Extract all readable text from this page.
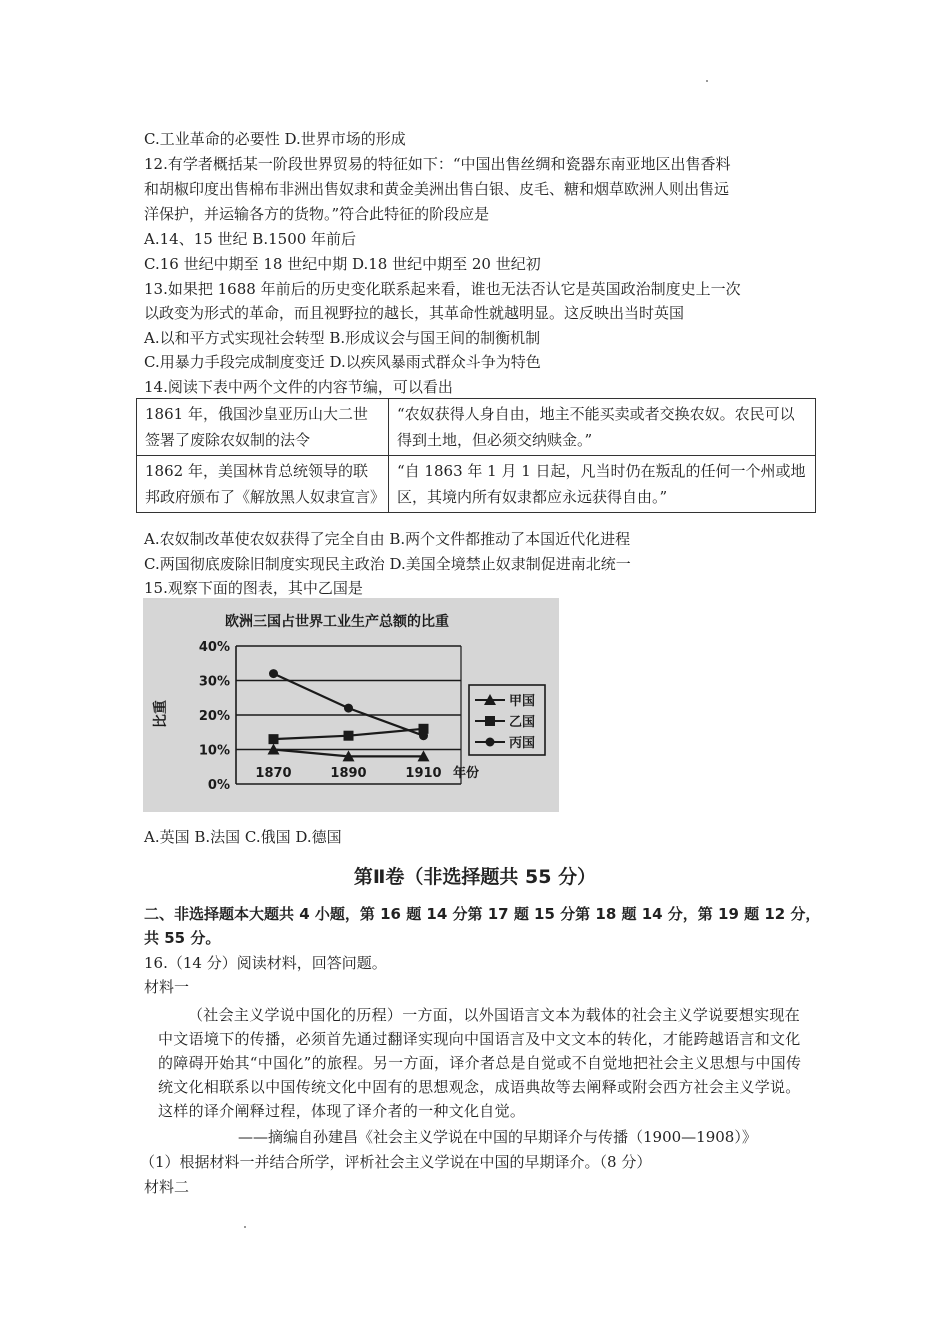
C.工业革命的必要性 D.世界市场的形成
12.有学者概括某一阶段世界贸易的特征如下：“中国出售丝绸和瓷器东南亚地区出售香料
和胡椒印度出售棉布非洲出售奴隶和黄金美洲出售白银、皮毛、糖和烟草欧洲人则出售远
洋保护，并运输各方的货物。”符合此特征的阶段应是
A.14、15 世纪 B.1500 年前后
C.16 世纪中期至 18 世纪中期 D.18 世纪中期至 20 世纪初
13.如果把 1688 年前后的历史变化联系起来看，谁也无法否认它是英国政治制度史上一次
以政变为形式的革命，而且视野拉的越长，其革命性就越明显。这反映出当时英国
A.以和平方式实现社会转型 B.形成议会与国王间的制衡机制
C.用暴力手段完成制度变迁 D.以疾风暴雨式群众斗争为特色
14.阅读下表中两个文件的内容节编，可以看出
1861 年，俄国沙皇亚历山大二世签署了废除农奴制的法令	“农奴获得人身自由，地主不能买卖或者交换农奴。农民可以得到土地，但必须交纳赎金。”
1862 年，美国林肯总统领导的联邦政府颁布了《解放黑人奴隶宣言》	“自 1863 年 1 月 1 日起，凡当时仍在叛乱的任何一个州或地区，其境内所有奴隶都应永远获得自由。”
A.农奴制改革使农奴获得了完全自由 B.两个文件都推动了本国近代化进程
C.两国彻底废除旧制度实现民主政治 D.美国全境禁止奴隶制促进南北统一
15.观察下面的图表，其中乙国是
欧洲三国占世界工业生产总额的比重
比重
年份
0%
10%
20%
30%
40%
1870	1890	1910
甲国
乙国
丙国
A.英国 B.法国 C.俄国 D.德国
第Ⅱ卷（非选择题共 55 分）
二、非选择题本大题共 4 小题，第 16 题 14 分第 17 题 15 分第 18 题 14 分，第 19 题 12 分，
共 55 分。
16.（14 分）阅读材料，回答问题。
材料一
（社会主义学说中国化的历程）一方面，以外国语言文本为载体的社会主义学说要想实现在中文语境下的传播，必须首先通过翻译实现向中国语言及中文文本的转化，才能跨越语言和文化的障碍开始其“中国化”的旅程。另一方面，译介者总是自觉或不自觉地把社会主义思想与中国传统文化相联系以中国传统文化中固有的思想观念，成语典故等去阐释或附会西方社会主义学说。这样的译介阐释过程，体现了译介者的一种文化自觉。
——摘编自孙建昌《社会主义学说在中国的早期译介与传播（1900—1908）》
（1）根据材料一并结合所学，评析社会主义学说在中国的早期译介。（8 分）
材料二
